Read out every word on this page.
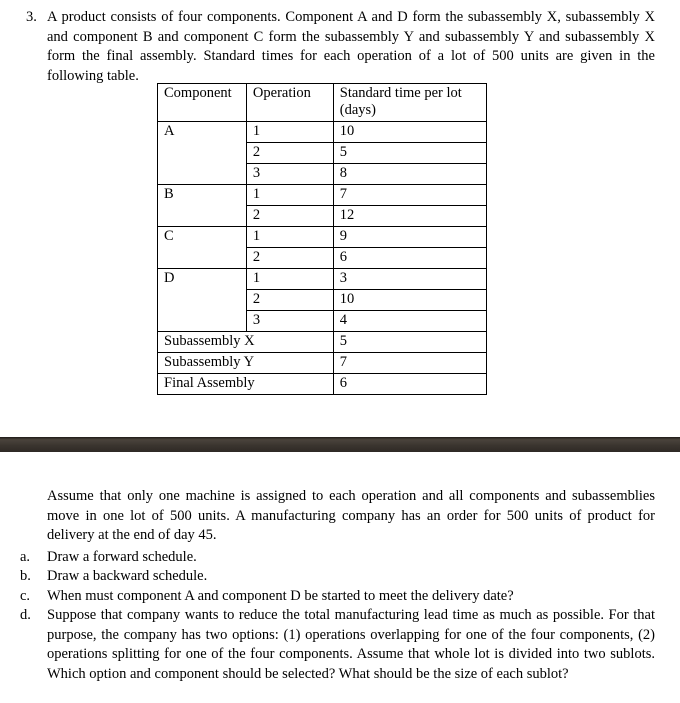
3. A product consists of four components. Component A and D form the subassembly X, subassembly X and component B and component C form the subassembly Y and subassembly Y and subassembly X form the final assembly. Standard times for each operation of a lot of 500 units are given in the following table.
Component	Operation	Standard time per lot
(days)

A	1	10
	2	5
	3	8
B	1	7
	2	12
C	1	9
	2	6
D	1	3
	2	10
	3	4
Subassembly X		5
Subassembly Y		7
Final Assembly		6

Assume that only one machine is assigned to each operation and all components and subassemblies move in one lot of 500 units. A manufacturing company has an order for 500 units of product for delivery at the end of day 45.

a.	Draw a forward schedule.
b.	Draw a backward schedule.
c.	When must component A and component D be started to meet the delivery date?
d.	Suppose that company wants to reduce the total manufacturing lead time as much as possible. For that purpose, the company has two options: (1) operations overlapping for one of the four components, (2) operations splitting for one of the four components. Assume that whole lot is divided into two sublots. Which option and component should be selected? What should be the size of each sublot?
